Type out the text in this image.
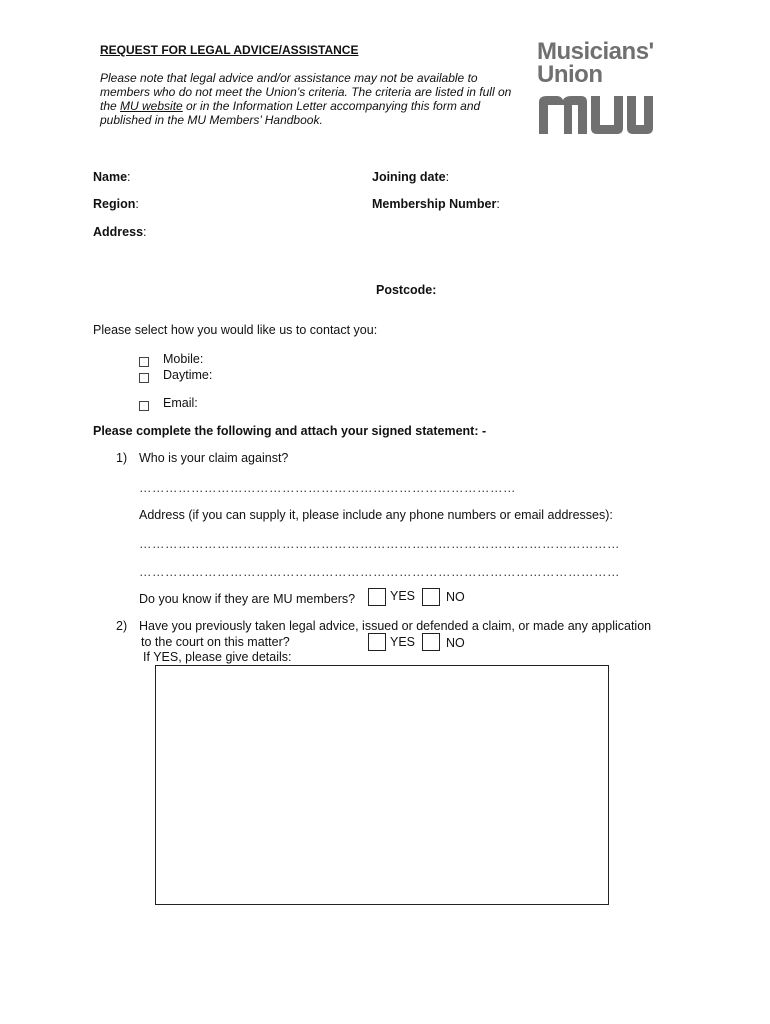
REQUEST FOR LEGAL ADVICE/ASSISTANCE
Please note that legal advice and/or assistance may not be available to members who do not meet the Union’s criteria. The criteria are listed in full on the MU website or in the Information Letter accompanying this form and published in the MU Members’ Handbook.
Musicians'
Union
Name:	Joining date:
Region:	Membership Number:
Address:
Postcode:
Please select how you would like us to contact you:
Mobile:
Daytime:
Email:
Please complete the following and attach your signed statement: -
1) Who is your claim against?
……………………………………………………………………………
Address (if you can supply it, please include any phone numbers or email addresses):
…………………………………………………………………………………………………
…………………………………………………………………………………………………
Do you know if they are MU members?	YES NO
2) Have you previously taken legal advice, issued or defended a claim, or made any application
to the court on this matter?	YES NO
If YES, please give details:
